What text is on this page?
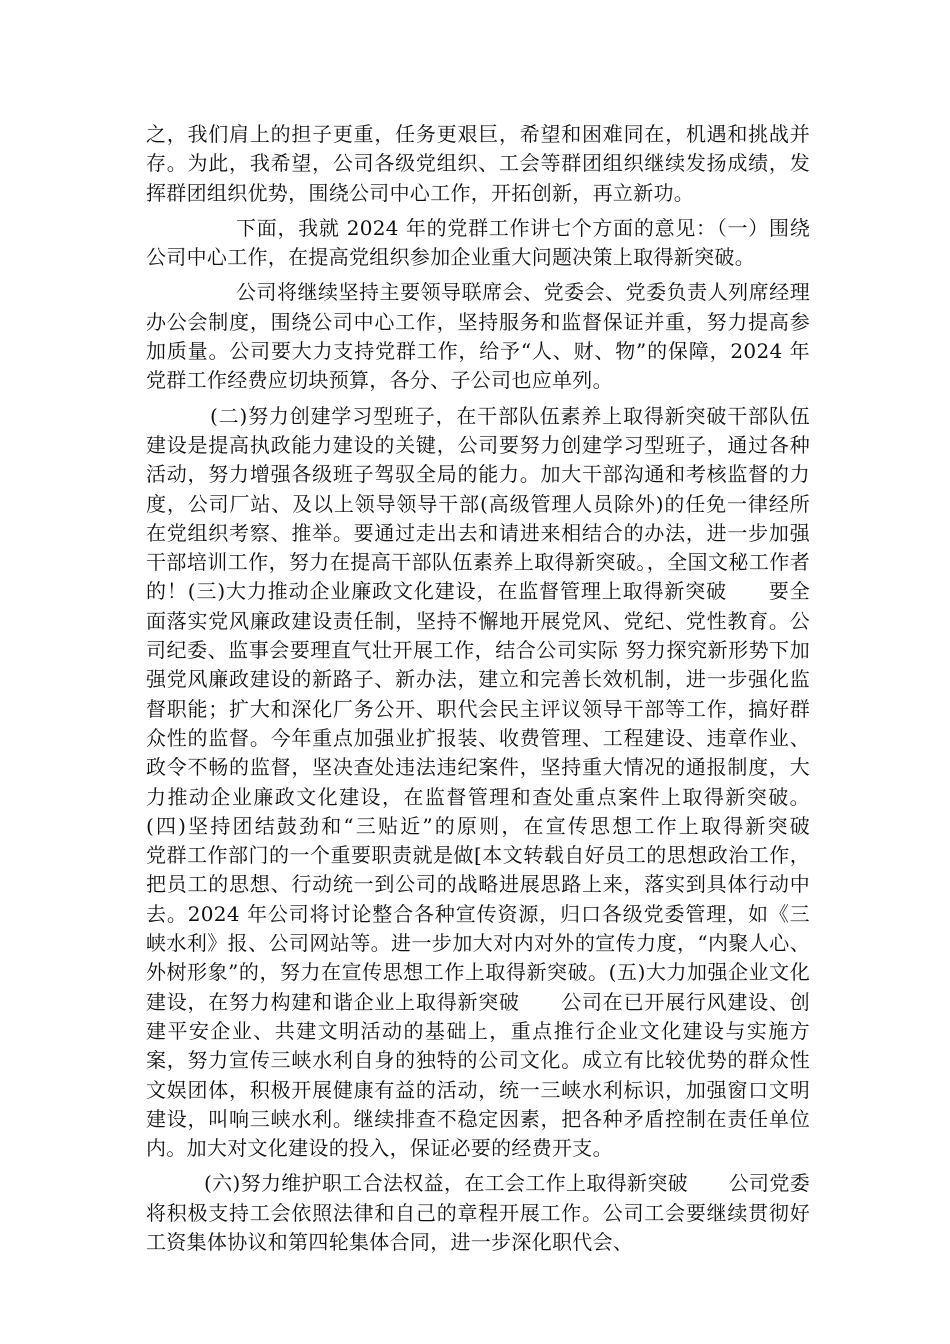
之，我们肩上的担子更重，任务更艰巨，希望和困难同在，机遇和挑战并存。为此，我希望，公司各级党组织、工会等群团组织继续发扬成绩，发挥群团组织优势，围绕公司中心工作，开拓创新，再立新功。

下面，我就 2024 年的党群工作讲七个方面的意见：（一）围绕公司中心工作，在提高党组织参加企业重大问题决策上取得新突破。

公司将继续坚持主要领导联席会、党委会、党委负责人列席经理办公会制度，围绕公司中心工作，坚持服务和监督保证并重，努力提高参加质量。公司要大力支持党群工作，给予“人、财、物”的保障，2024 年党群工作经费应切块预算，各分、子公司也应单列。

(二)努力创建学习型班子，在干部队伍素养上取得新突破干部队伍建设是提高执政能力建设的关键，公司要努力创建学习型班子，通过各种活动，努力增强各级班子驾驭全局的能力。加大干部沟通和考核监督的力度，公司厂站、及以上领导领导干部(高级管理人员除外)的任免一律经所在党组织考察、推举。要通过走出去和请进来相结合的办法，进一步加强干部培训工作，努力在提高干部队伍素养上取得新突破。，全国文秘工作者的！(三)大力推动企业廉政文化建设，在监督管理上取得新突破　　要全面落实党风廉政建设责任制，坚持不懈地开展党风、党纪、党性教育。公司纪委、监事会要理直气壮开展工作，结合公司实际 努力探究新形势下加强党风廉政建设的新路子、新办法，建立和完善长效机制，进一步强化监督职能；扩大和深化厂务公开、职代会民主评议领导干部等工作，搞好群众性的监督。今年重点加强业扩报装、收费管理、工程建设、违章作业、政令不畅的监督，坚决查处违法违纪案件，坚持重大情况的通报制度，大力推动企业廉政文化建设，在监督管理和查处重点案件上取得新突破。(四)坚持团结鼓劲和“三贴近”的原则，在宣传思想工作上取得新突破　　党群工作部门的一个重要职责就是做[本文转载自好员工的思想政治工作，把员工的思想、行动统一到公司的战略进展思路上来，落实到具体行动中去。2024 年公司将讨论整合各种宣传资源，归口各级党委管理，如《三峡水利》报、公司网站等。进一步加大对内对外的宣传力度，“内聚人心、外树形象”的，努力在宣传思想工作上取得新突破。(五)大力加强企业文化建设，在努力构建和谐企业上取得新突破　　公司在已开展行风建设、创建平安企业、共建文明活动的基础上，重点推行企业文化建设与实施方案，努力宣传三峡水利自身的独特的公司文化。成立有比较优势的群众性文娱团体，积极开展健康有益的活动，统一三峡水利标识，加强窗口文明建设，叫响三峡水利。继续排查不稳定因素，把各种矛盾控制在责任单位内。加大对文化建设的投入，保证必要的经费开支。

(六)努力维护职工合法权益，在工会工作上取得新突破　　公司党委将积极支持工会依照法律和自己的章程开展工作。公司工会要继续贯彻好工资集体协议和第四轮集体合同，进一步深化职代会、
